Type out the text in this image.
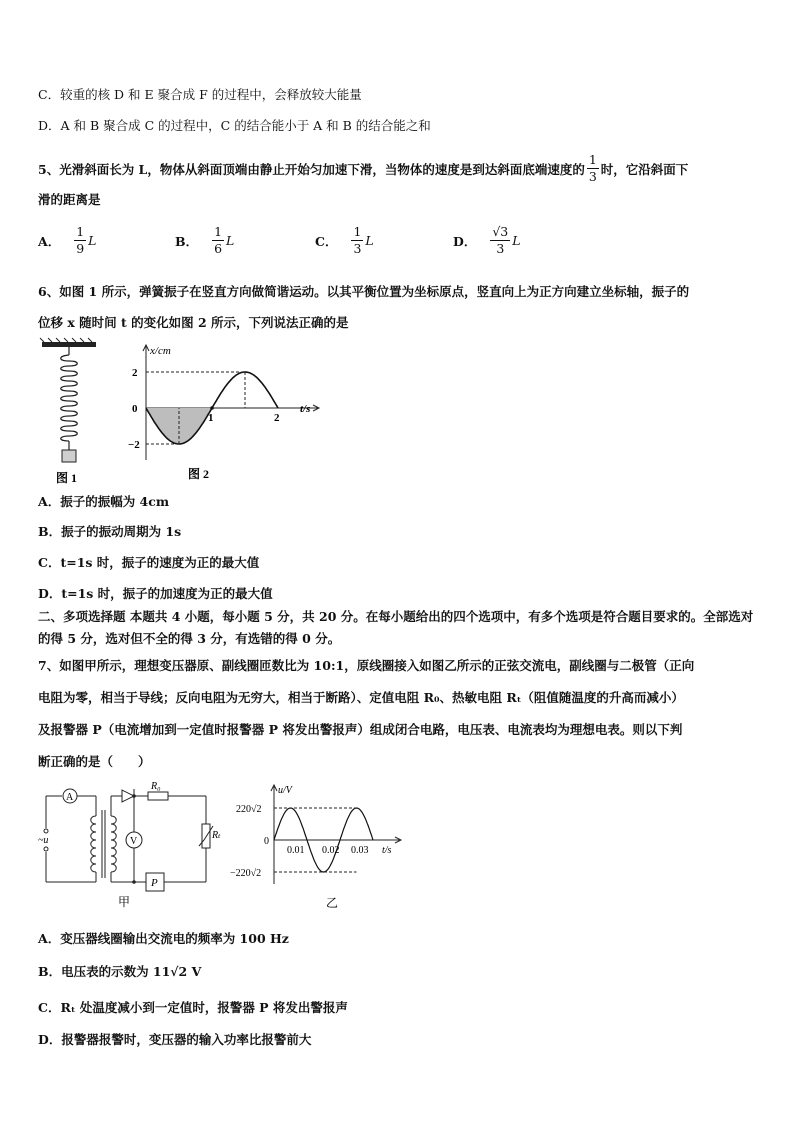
C．较重的核 D 和 E 聚合成 F 的过程中，会释放较大能量
D．A 和 B 聚合成 C 的过程中，C 的结合能小于 A 和 B 的结合能之和
5、光滑斜面长为 L，物体从斜面顶端由静止开始匀加速下滑，当物体的速度是到达斜面底端速度的 $\frac{1}{3}$ 时，它沿斜面下
滑的距离是
A． $\frac{1}{9}$ L	B． $\frac{1}{6}$ L	C． $\frac{1}{3}$ L	D． $\frac{√3}{3}$ L
6、如图 1 所示，弹簧振子在竖直方向做简谐运动。以其平衡位置为坐标原点，竖直向上为正方向建立坐标轴，振子的
位移 x 随时间 t 的变化如图 2 所示，下列说法正确的是
图 1
x/cm
t/s
2
0
−2
1	2
图 2
A．振子的振幅为 4cm
B．振子的振动周期为 1s
C．t=1s 时，振子的速度为正的最大值
D．t=1s 时，振子的加速度为正的最大值
二、多项选择题 本题共 4 小题，每小题 5 分，共 20 分。在每小题给出的四个选项中，有多个选项是符合题目要求的。全部选对的得 5 分，选对但不全的得 3 分，有选错的得 0 分。
7、如图甲所示，理想变压器原、副线圈匝数比为 10:1，原线圈接入如图乙所示的正弦交流电，副线圈与二极管（正向
电阻为零，相当于导线；反向电阻为无穷大，相当于断路）、定值电阻 R₀、热敏电阻 Rₜ（阻值随温度的升高而减小）
及报警器 P（电流增加到一定值时报警器 P 将发出警报声）组成闭合电路，电压表、电流表均为理想电表。则以下判
断正确的是（　　）
A
V
~u
R₀
Rₜ
P
甲
u/V
t/s
220√2
0
−220√2
0.01 0.02 0.03
乙
A．变压器线圈输出交流电的频率为 100 Hz
B．电压表的示数为 11√2 V
C．Rₜ 处温度减小到一定值时，报警器 P 将发出警报声
D．报警器报警时，变压器的输入功率比报警前大
